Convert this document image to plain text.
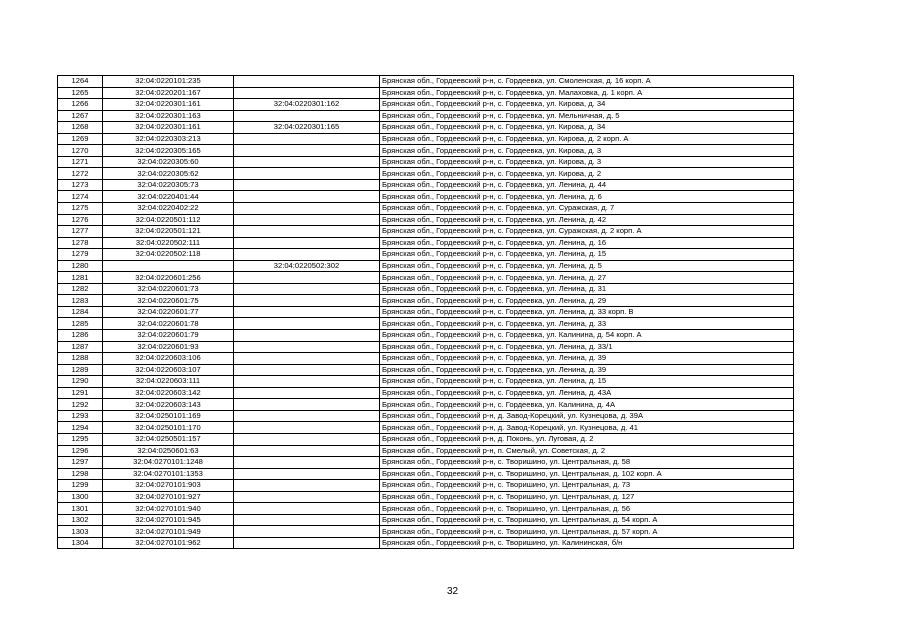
1264	32:04:0220101:235		Брянская обл., Гордеевский р-н, с. Гордеевка, ул. Смоленская, д. 16 корп. А
1265	32:04:0220201:167		Брянская обл., Гордеевский р-н, с. Гордеевка, ул. Малаховка, д. 1 корп. А
1266	32:04:0220301:161	32:04:0220301:162	Брянская обл., Гордеевский р-н, с. Гордеевка, ул. Кирова, д. 34
1267	32:04:0220301:163		Брянская обл., Гордеевский р-н, с. Гордеевка, ул. Мельничная, д. 5
1268	32:04:0220301:161	32:04:0220301:165	Брянская обл., Гордеевский р-н, с. Гордеевка, ул. Кирова, д. 34
1269	32:04:0220303:213		Брянская обл., Гордеевский р-н, с. Гордеевка, ул. Кирова, д. 2 корп. А
1270	32:04:0220305:165		Брянская обл., Гордеевский р-н, с. Гордеевка, ул. Кирова, д. 3
1271	32:04:0220305:60		Брянская обл., Гордеевский р-н, с. Гордеевка, ул. Кирова, д. 3
1272	32:04:0220305:62		Брянская обл., Гордеевский р-н, с. Гордеевка, ул. Кирова, д. 2
1273	32:04:0220305:73		Брянская обл., Гордеевский р-н, с. Гордеевка, ул. Ленина, д. 44
1274	32:04:0220401:44		Брянская обл., Гордеевский р-н, с. Гордеевка, ул. Ленина, д. 6
1275	32:04:0220402:22		Брянская обл., Гордеевский р-н, с. Гордеевка, ул. Суражская, д. 7
1276	32:04:0220501:112		Брянская обл., Гордеевский р-н, с. Гордеевка, ул. Ленина, д. 42
1277	32:04:0220501:121		Брянская обл., Гордеевский р-н, с. Гордеевка, ул. Суражская, д. 2 корп. А
1278	32:04:0220502:111		Брянская обл., Гордеевский р-н, с. Гордеевка, ул. Ленина, д. 16
1279	32:04:0220502:118		Брянская обл., Гордеевский р-н, с. Гордеевка, ул. Ленина, д. 15
1280		32:04:0220502:302	Брянская обл., Гордеевский р-н, с. Гордеевка, ул. Ленина, д. 5
1281	32:04:0220601:256		Брянская обл., Гордеевский р-н, с. Гордеевка, ул. Ленина, д. 27
1282	32:04:0220601:73		Брянская обл., Гордеевский р-н, с. Гордеевка, ул. Ленина, д. 31
1283	32:04:0220601:75		Брянская обл., Гордеевский р-н, с. Гордеевка, ул. Ленина, д. 29
1284	32:04:0220601:77		Брянская обл., Гордеевский р-н, с. Гордеевка, ул. Ленина, д. 33 корп. В
1285	32:04:0220601:78		Брянская обл., Гордеевский р-н, с. Гордеевка, ул. Ленина, д. 33
1286	32:04:0220601:79		Брянская обл., Гордеевский р-н, с. Гордеевка, ул. Калинина, д. 54 корп. А
1287	32:04:0220601:93		Брянская обл., Гордеевский р-н, с. Гордеевка, ул. Ленина, д. 33/1
1288	32:04:0220603:106		Брянская обл., Гордеевский р-н, с. Гордеевка, ул. Ленина, д. 39
1289	32:04:0220603:107		Брянская обл., Гордеевский р-н, с. Гордеевка, ул. Ленина, д. 39
1290	32:04:0220603:111		Брянская обл., Гордеевский р-н, с. Гордеевка, ул. Ленина, д. 15
1291	32:04:0220603:142		Брянская обл., Гордеевский р-н, с. Гордеевка, ул. Ленина, д. 43А
1292	32:04:0220603:143		Брянская обл., Гордеевский р-н, с. Гордеевка, ул. Калинина, д. 4А
1293	32:04:0250101:169		Брянская обл., Гордеевский р-н, д. Завод-Корецкий, ул. Кузнецова, д. 39А
1294	32:04:0250101:170		Брянская обл., Гордеевский р-н, д. Завод-Корецкий, ул. Кузнецова, д. 41
1295	32:04:0250501:157		Брянская обл., Гордеевский р-н, д. Поконь, ул. Луговая, д. 2
1296	32:04:0250601:63		Брянская обл., Гордеевский р-н, п. Смелый, ул. Советская, д. 2
1297	32:04:0270101:1248		Брянская обл., Гордеевский р-н, с. Творишино, ул. Центральная, д. 58
1298	32:04:0270101:1353		Брянская обл., Гордеевский р-н, с. Творишино, ул. Центральная, д. 102 корп. А
1299	32:04:0270101:903		Брянская обл., Гордеевский р-н, с. Творишино, ул. Центральная, д. 73
1300	32:04:0270101:927		Брянская обл., Гордеевский р-н, с. Творишино, ул. Центральная, д. 127
1301	32:04:0270101:940		Брянская обл., Гордеевский р-н, с. Творишино, ул. Центральная, д. 56
1302	32:04:0270101:945		Брянская обл., Гордеевский р-н, с. Творишино, ул. Центральная, д. 54 корп. А
1303	32:04:0270101:949		Брянская обл., Гордеевский р-н, с. Творишино, ул. Центральная, д. 57 корп. А
1304	32:04:0270101:962		Брянская обл., Гордеевский р-н, с. Творишино, ул. Калининская, б/н
32
